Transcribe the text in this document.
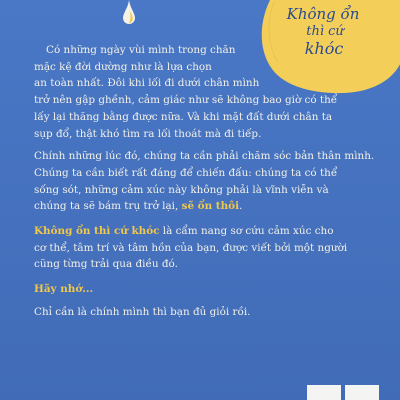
Không ổn
thì cứ
khóc

Có những ngày vùi mình trong chăn
mặc kệ đời dường như là lựa chọn
an toàn nhất. Đôi khi lối đi dưới chân mình
trở nên gập ghềnh, cảm giác như sẽ không bao giờ có thể
lấy lại thăng bằng được nữa. Và khi mặt đất dưới chân ta
sụp đổ, thật khó tìm ra lối thoát mà đi tiếp.

Chính những lúc đó, chúng ta cần phải chăm sóc bản thân mình.
Chúng ta cần biết rất đáng để chiến đấu: chúng ta có thể
sống sót, những cảm xúc này không phải là vĩnh viễn và
chúng ta sẽ bám trụ trở lại, sẽ ổn thôi.

Không ổn thì cứ khóc là cẩm nang sơ cứu cảm xúc cho
cơ thể, tâm trí và tâm hồn của bạn, được viết bởi một người
cũng từng trải qua điều đó.

Hãy nhớ...

Chỉ cần là chính mình thì bạn đủ giỏi rồi.
